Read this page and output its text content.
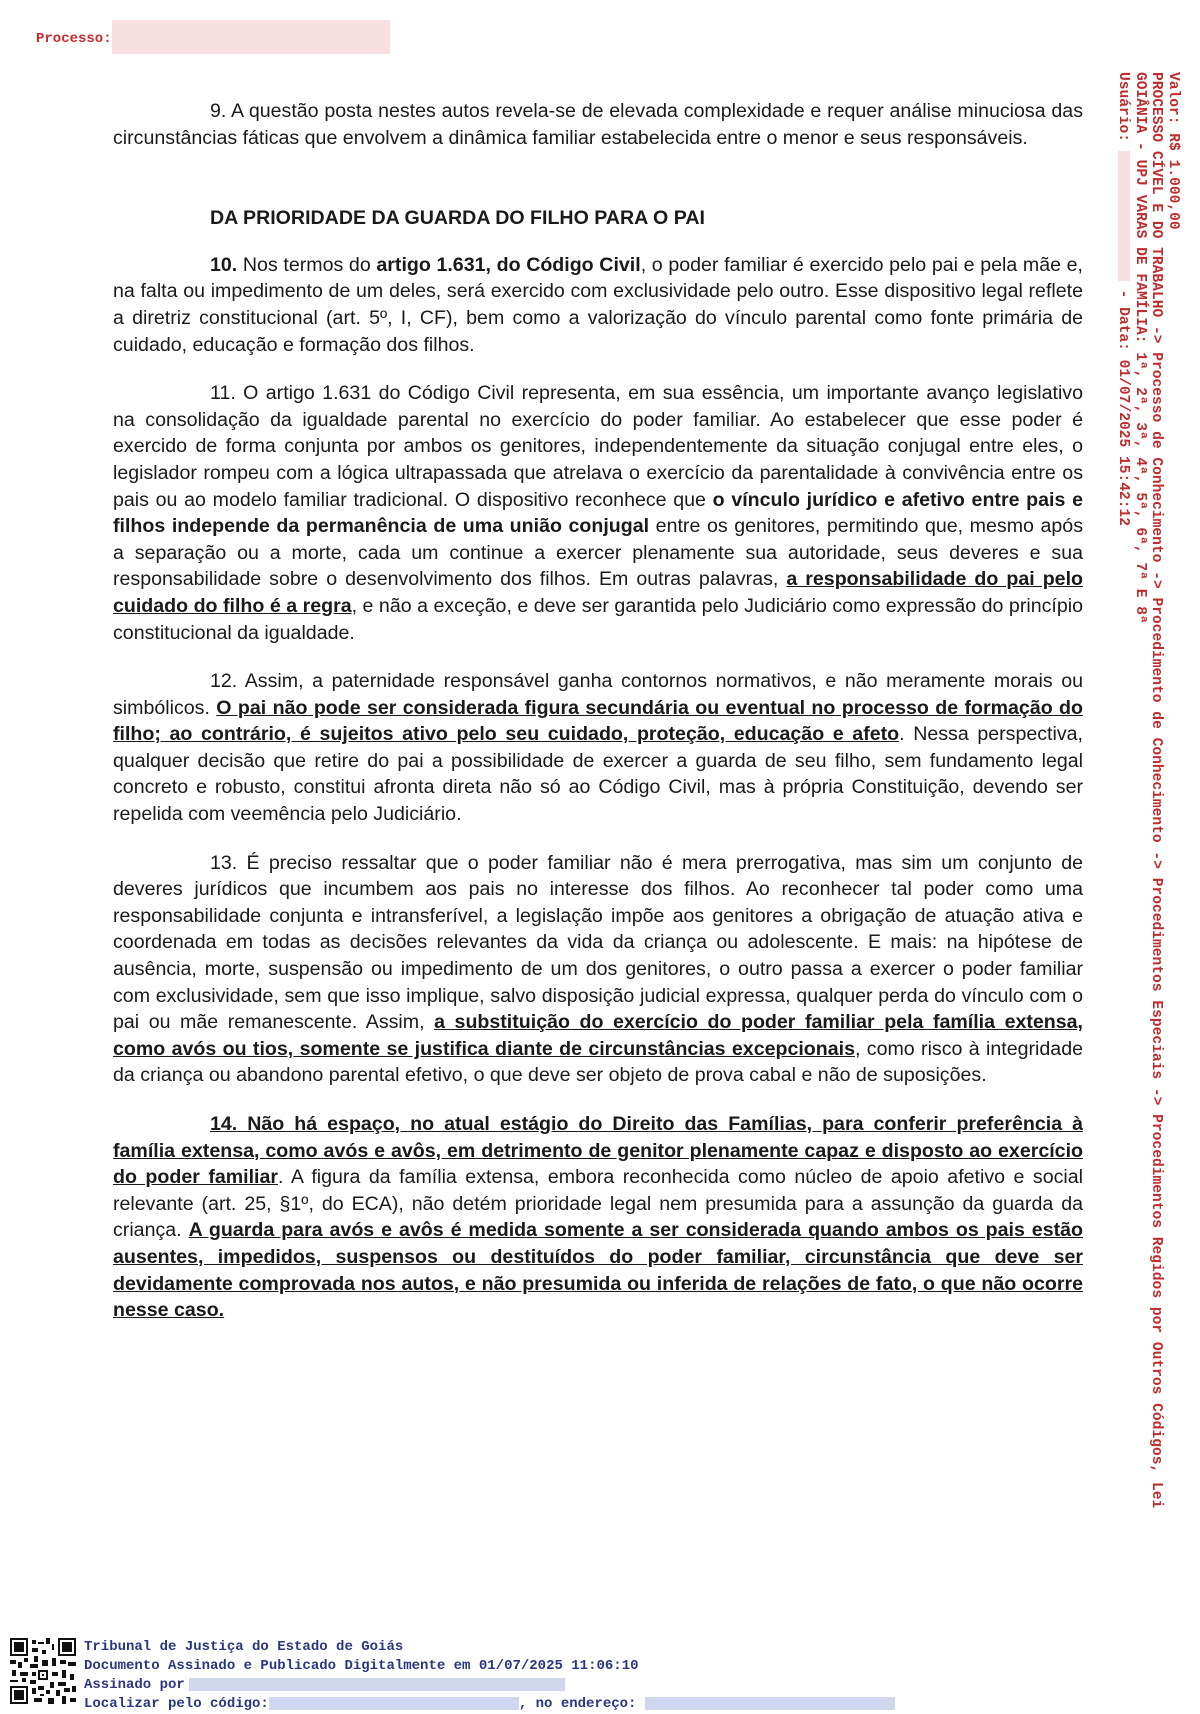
Processo:
Valor: R$ 1.000,00
PROCESSO CÍVEL E DO TRABALHO -> Processo de Conhecimento -> Procedimento de Conhecimento -> Procedimentos Especiais -> Procedimentos Regidos por Outros Códigos, Lei
GOIÂNIA - UPJ VARAS DE FAMÍLIA: 1ª, 2ª, 3ª, 4ª, 5ª, 6ª, 7ª E 8ª
Usuário:  - Data: 01/07/2025 15:42:12

9. A questão posta nestes autos revela-se de elevada complexidade e requer análise minuciosa das circunstâncias fáticas que envolvem a dinâmica familiar estabelecida entre o menor e seus responsáveis.

DA PRIORIDADE DA GUARDA DO FILHO PARA O PAI

10. Nos termos do artigo 1.631, do Código Civil, o poder familiar é exercido pelo pai e pela mãe e, na falta ou impedimento de um deles, será exercido com exclusividade pelo outro. Esse dispositivo legal reflete a diretriz constitucional (art. 5º, I, CF), bem como a valorização do vínculo parental como fonte primária de cuidado, educação e formação dos filhos.

11. O artigo 1.631 do Código Civil representa, em sua essência, um importante avanço legislativo na consolidação da igualdade parental no exercício do poder familiar. Ao estabelecer que esse poder é exercido de forma conjunta por ambos os genitores, independentemente da situação conjugal entre eles, o legislador rompeu com a lógica ultrapassada que atrelava o exercício da parentalidade à convivência entre os pais ou ao modelo familiar tradicional. O dispositivo reconhece que o vínculo jurídico e afetivo entre pais e filhos independe da permanência de uma união conjugal entre os genitores, permitindo que, mesmo após a separação ou a morte, cada um continue a exercer plenamente sua autoridade, seus deveres e sua responsabilidade sobre o desenvolvimento dos filhos. Em outras palavras, a responsabilidade do pai pelo cuidado do filho é a regra, e não a exceção, e deve ser garantida pelo Judiciário como expressão do princípio constitucional da igualdade.

12. Assim, a paternidade responsável ganha contornos normativos, e não meramente morais ou simbólicos. O pai não pode ser considerada figura secundária ou eventual no processo de formação do filho; ao contrário, é sujeitos ativo pelo seu cuidado, proteção, educação e afeto. Nessa perspectiva, qualquer decisão que retire do pai a possibilidade de exercer a guarda de seu filho, sem fundamento legal concreto e robusto, constitui afronta direta não só ao Código Civil, mas à própria Constituição, devendo ser repelida com veemência pelo Judiciário.

13. É preciso ressaltar que o poder familiar não é mera prerrogativa, mas sim um conjunto de deveres jurídicos que incumbem aos pais no interesse dos filhos. Ao reconhecer tal poder como uma responsabilidade conjunta e intransferível, a legislação impõe aos genitores a obrigação de atuação ativa e coordenada em todas as decisões relevantes da vida da criança ou adolescente. E mais: na hipótese de ausência, morte, suspensão ou impedimento de um dos genitores, o outro passa a exercer o poder familiar com exclusividade, sem que isso implique, salvo disposição judicial expressa, qualquer perda do vínculo com o pai ou mãe remanescente. Assim, a substituição do exercício do poder familiar pela família extensa, como avós ou tios, somente se justifica diante de circunstâncias excepcionais, como risco à integridade da criança ou abandono parental efetivo, o que deve ser objeto de prova cabal e não de suposições.

14. Não há espaço, no atual estágio do Direito das Famílias, para conferir preferência à família extensa, como avós e avôs, em detrimento de genitor plenamente capaz e disposto ao exercício do poder familiar. A figura da família extensa, embora reconhecida como núcleo de apoio afetivo e social relevante (art. 25, §1º, do ECA), não detém prioridade legal nem presumida para a assunção da guarda da criança. A guarda para avós e avôs é medida somente a ser considerada quando ambos os pais estão ausentes, impedidos, suspensos ou destituídos do poder familiar, circunstância que deve ser devidamente comprovada nos autos, e não presumida ou inferida de relações de fato, o que não ocorre nesse caso.

Tribunal de Justiça do Estado de Goiás
Documento Assinado e Publicado Digitalmente em 01/07/2025 11:06:10
Assinado por
Localizar pelo código:	, no endereço:
